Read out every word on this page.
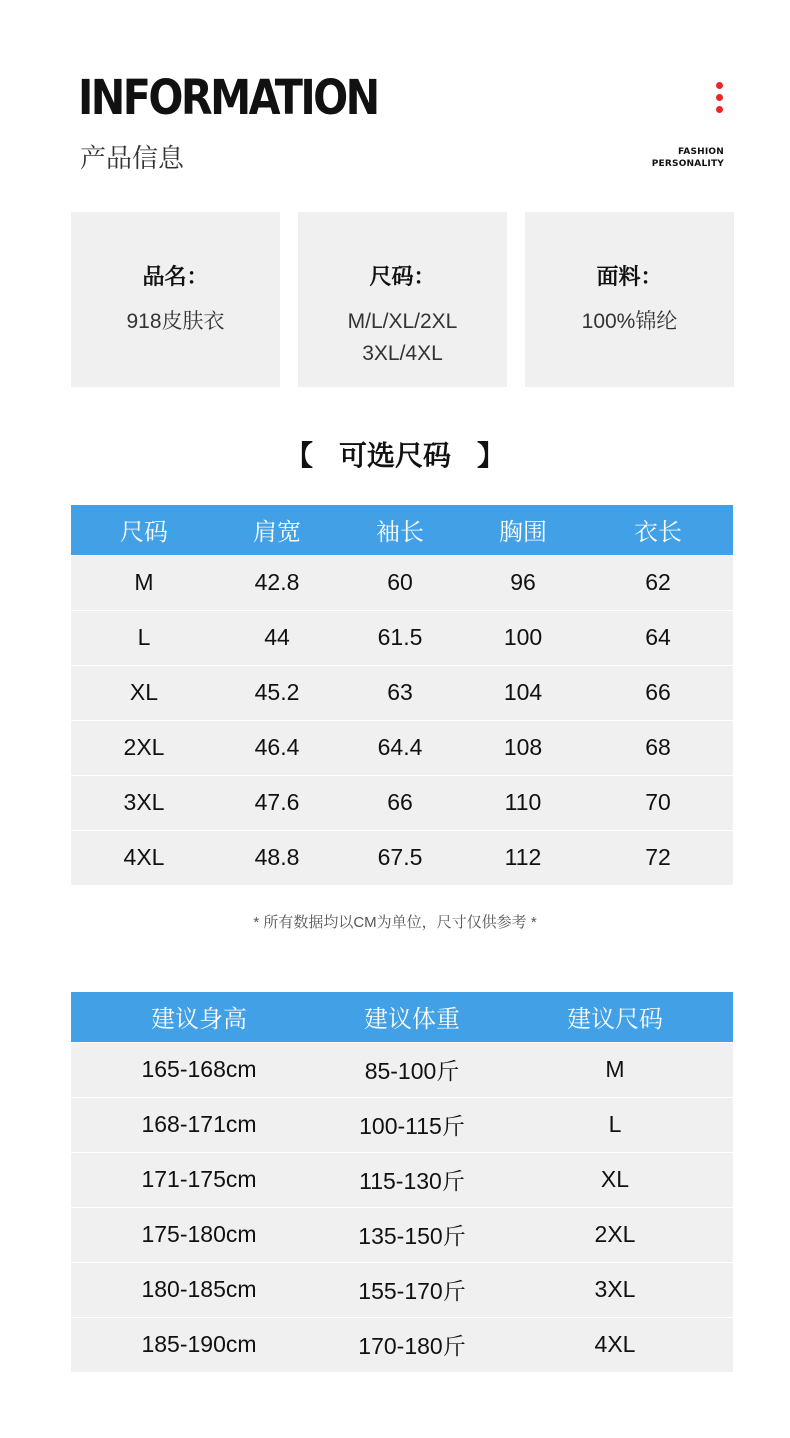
INFORMATION
产品信息	FASHION
PERSONALITY
品名：
918皮肤衣
尺码：
M/L/XL/2XL
3XL/4XL
面料：
100%锦纶
【 可选尺码 】
尺码	肩宽	袖长	胸围	衣长
M	42.8	60	96	62
L	44	61.5	100	64
XL	45.2	63	104	66
2XL	46.4	64.4	108	68
3XL	47.6	66	110	70
4XL	48.8	67.5	112	72
* 所有数据均以CM为单位，尺寸仅供参考 *
建议身高	建议体重	建议尺码
165-168cm	85-100斤	M
168-171cm	100-115斤	L
171-175cm	115-130斤	XL
175-180cm	135-150斤	2XL
180-185cm	155-170斤	3XL
185-190cm	170-180斤	4XL
